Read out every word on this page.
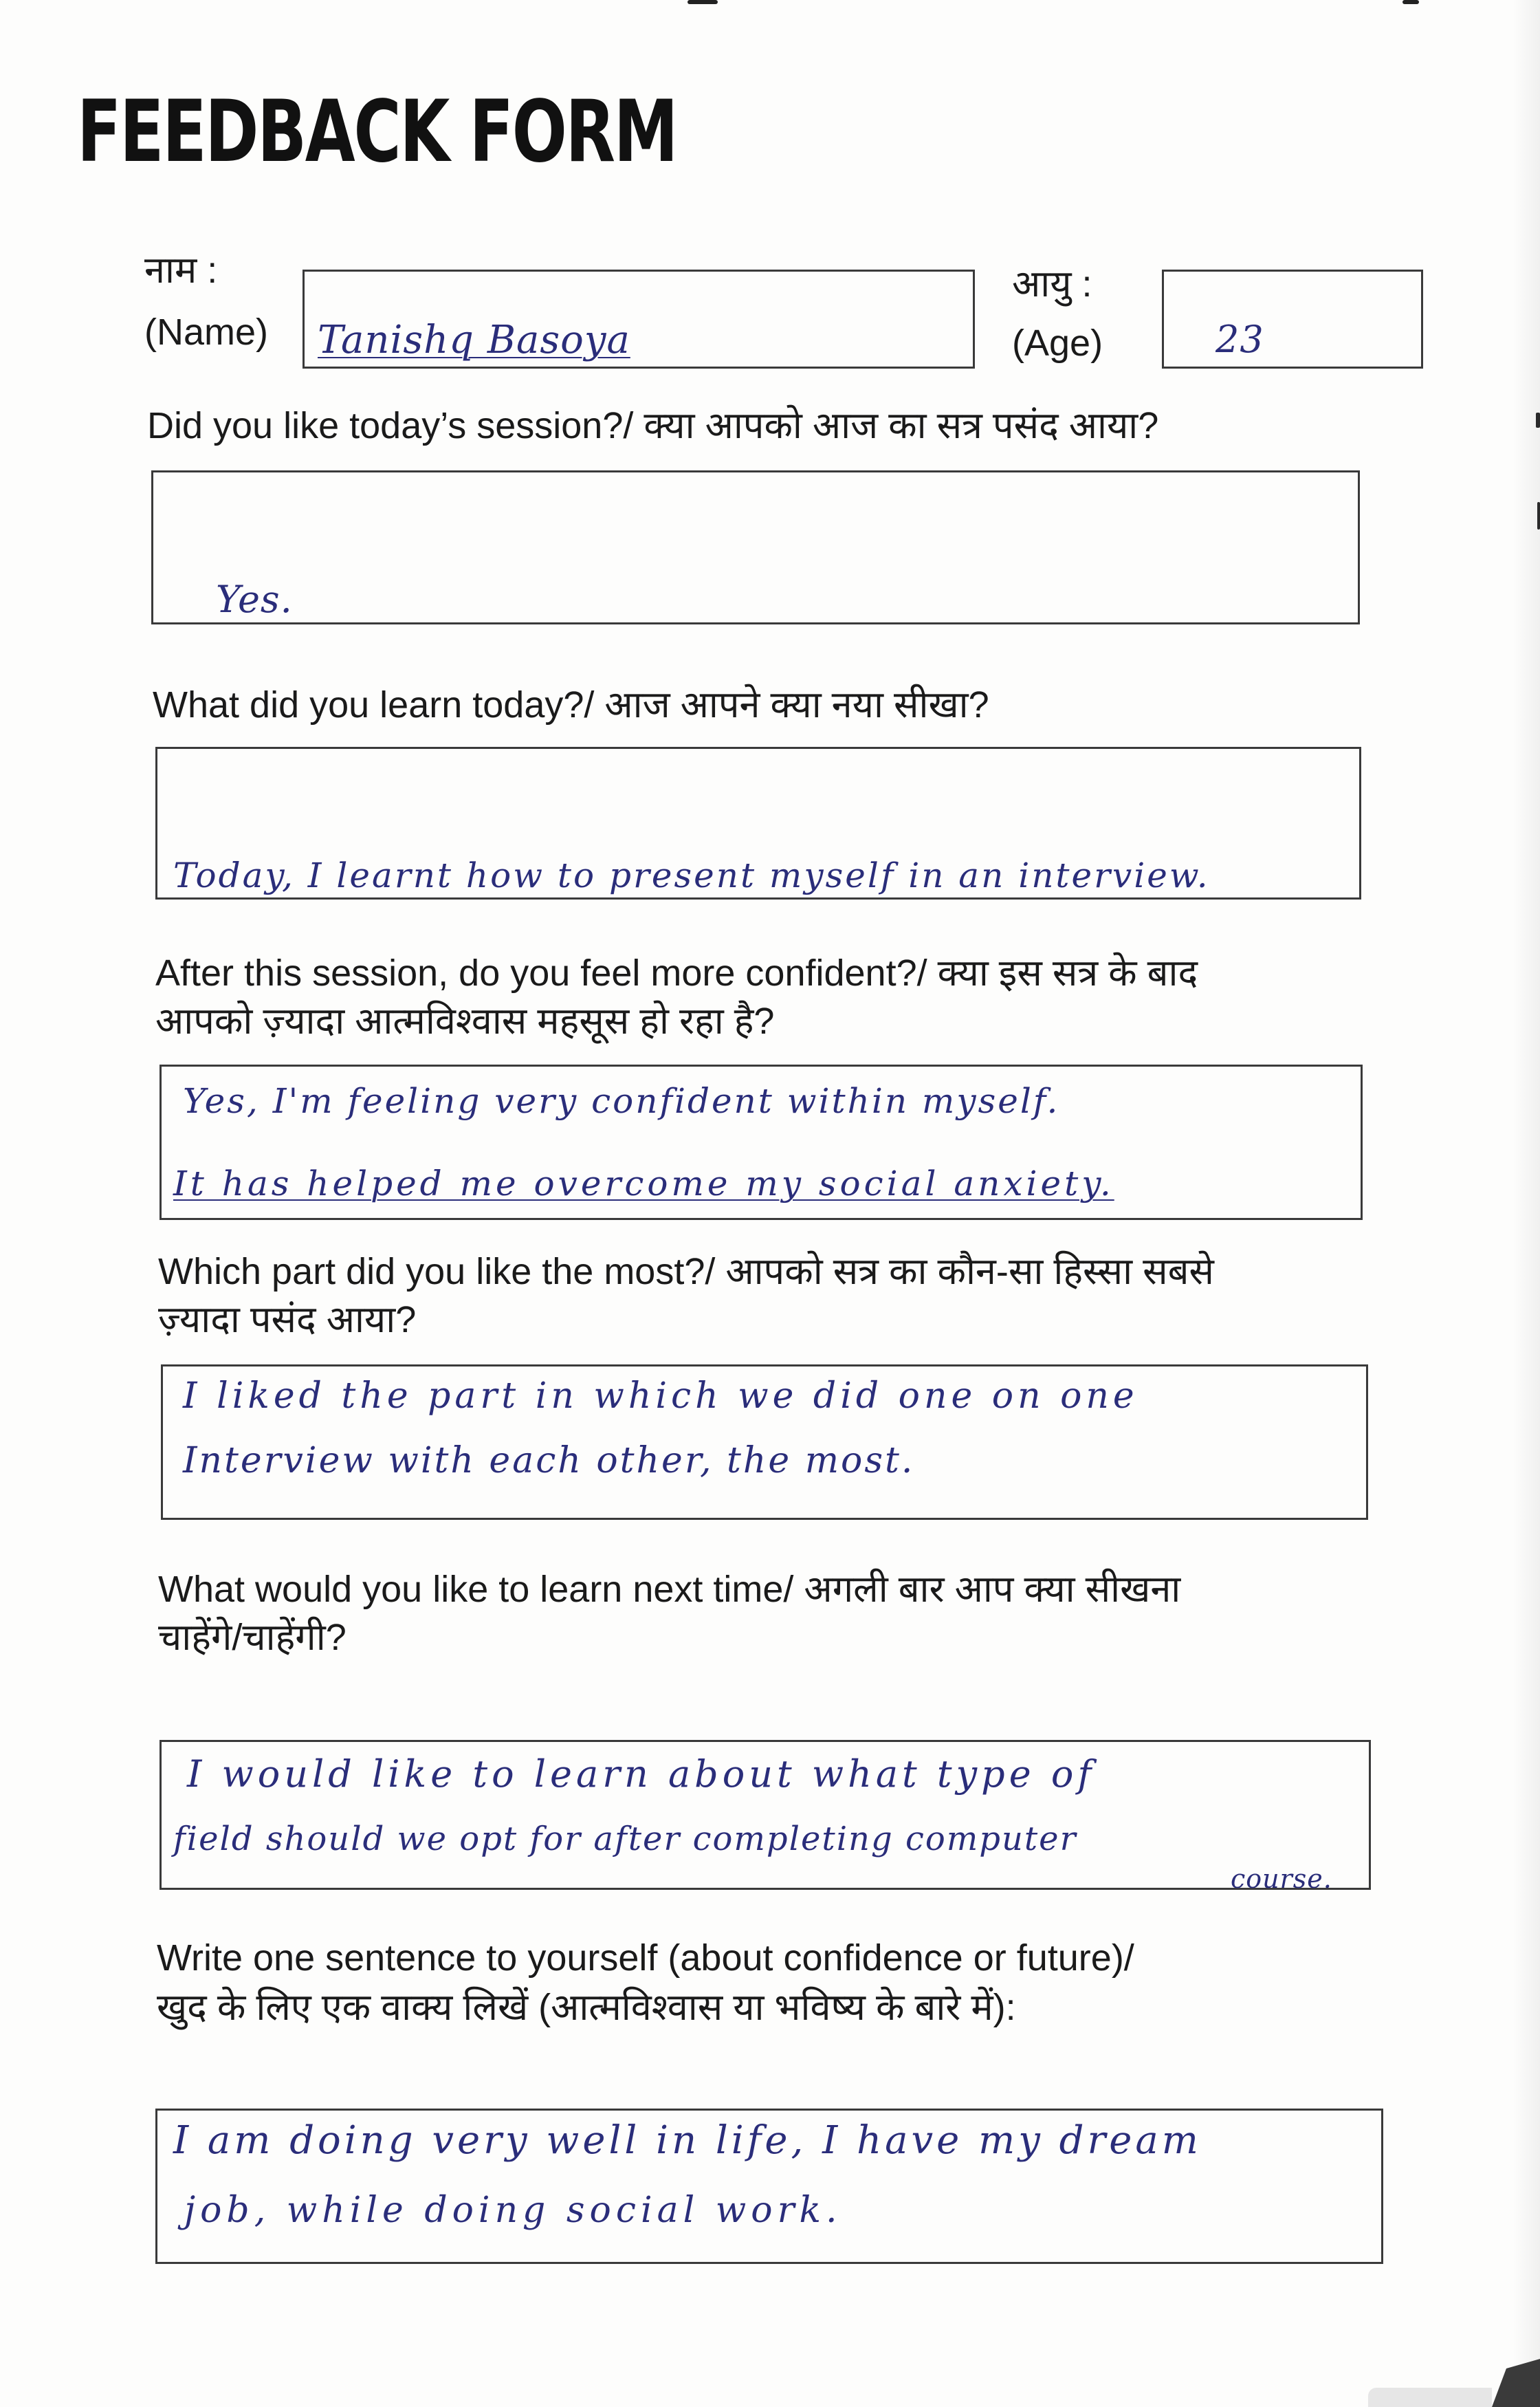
FEEDBACK FORM
नाम :
(Name) Tanishq Basoya
आयु :
(Age)	23
Did you like today’s session?/ क्या आपको आज का सत्र पसंद आया?
Yes.
What did you learn today?/ आज आपने क्या नया सीखा?
Today, I learnt how to present myself in an interview.
After this session, do you feel more confident?/ क्या इस सत्र के बाद
आपको ज़्यादा आत्मविश्वास महसूस हो रहा है?
Yes, I'm feeling very confident within myself.
It has helped me overcome my social anxiety.
Which part did you like the most?/ आपको सत्र का कौन-सा हिस्सा सबसे
ज़्यादा पसंद आया?
I liked the part in which we did one on one
Interview with each other, the most.
What would you like to learn next time/ अगली बार आप क्या सीखना
चाहेंगे/चाहेंगी?
I would like to learn about what type of
field should we opt for after completing computer
course.
Write one sentence to yourself (about confidence or future)/
खुद के लिए एक वाक्य लिखें (आत्मविश्वास या भविष्य के बारे में):
I am doing very well in life, I have my dream
job, while doing social work.
